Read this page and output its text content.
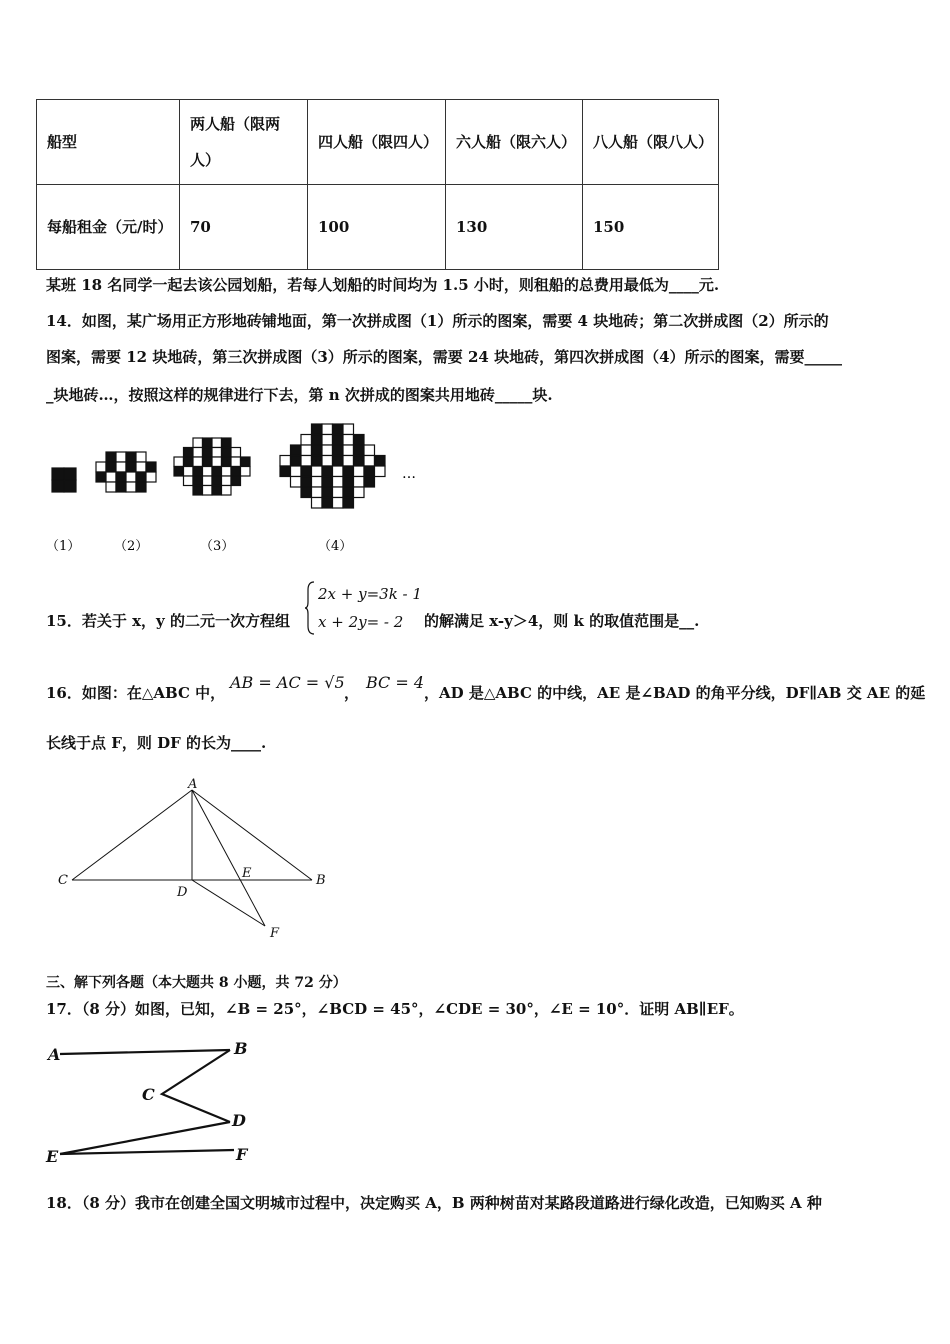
船型	两人船（限两人）	四人船（限四人）	六人船（限六人）	八人船（限八人）
每船租金（元/时）	70	100	130	150
某班 18 名同学一起去该公园划船，若每人划船的时间均为 1.5 小时，则租船的总费用最低为____元.
14．如图，某广场用正方形地砖铺地面，第一次拼成图（1）所示的图案，需要 4 块地砖；第二次拼成图（2）所示的
图案，需要 12 块地砖，第三次拼成图（3）所示的图案，需要 24 块地砖，第四次拼成图（4）所示的图案，需要_____
_块地砖…，按照这样的规律进行下去，第 n 次拼成的图案共用地砖_____块.
…
（1）	（2）	（3）	（4）
15．若关于 x，y 的二元一次方程组
2x + y=3k - 1
x + 2y= - 2 的解满足 x-y＞4，则 k 的取值范围是__.
16．如图：在△ABC 中，
AB = AC = √5
，
BC = 4
，AD 是△ABC 的中线，AE 是∠BAD 的角平分线，DF∥AB 交 AE 的延
长线于点 F，则 DF 的长为____.
A
B
C
D
E
F
三、解下列各题（本大题共 8 小题，共 72 分）
17．（8 分）如图，已知，∠B = 25°，∠BCD = 45°，∠CDE = 30°，∠E = 10°．证明 AB∥EF。
A	B
C
D
E	F
18．（8 分）我市在创建全国文明城市过程中，决定购买 A，B 两种树苗对某路段道路进行绿化改造，已知购买 A 种
